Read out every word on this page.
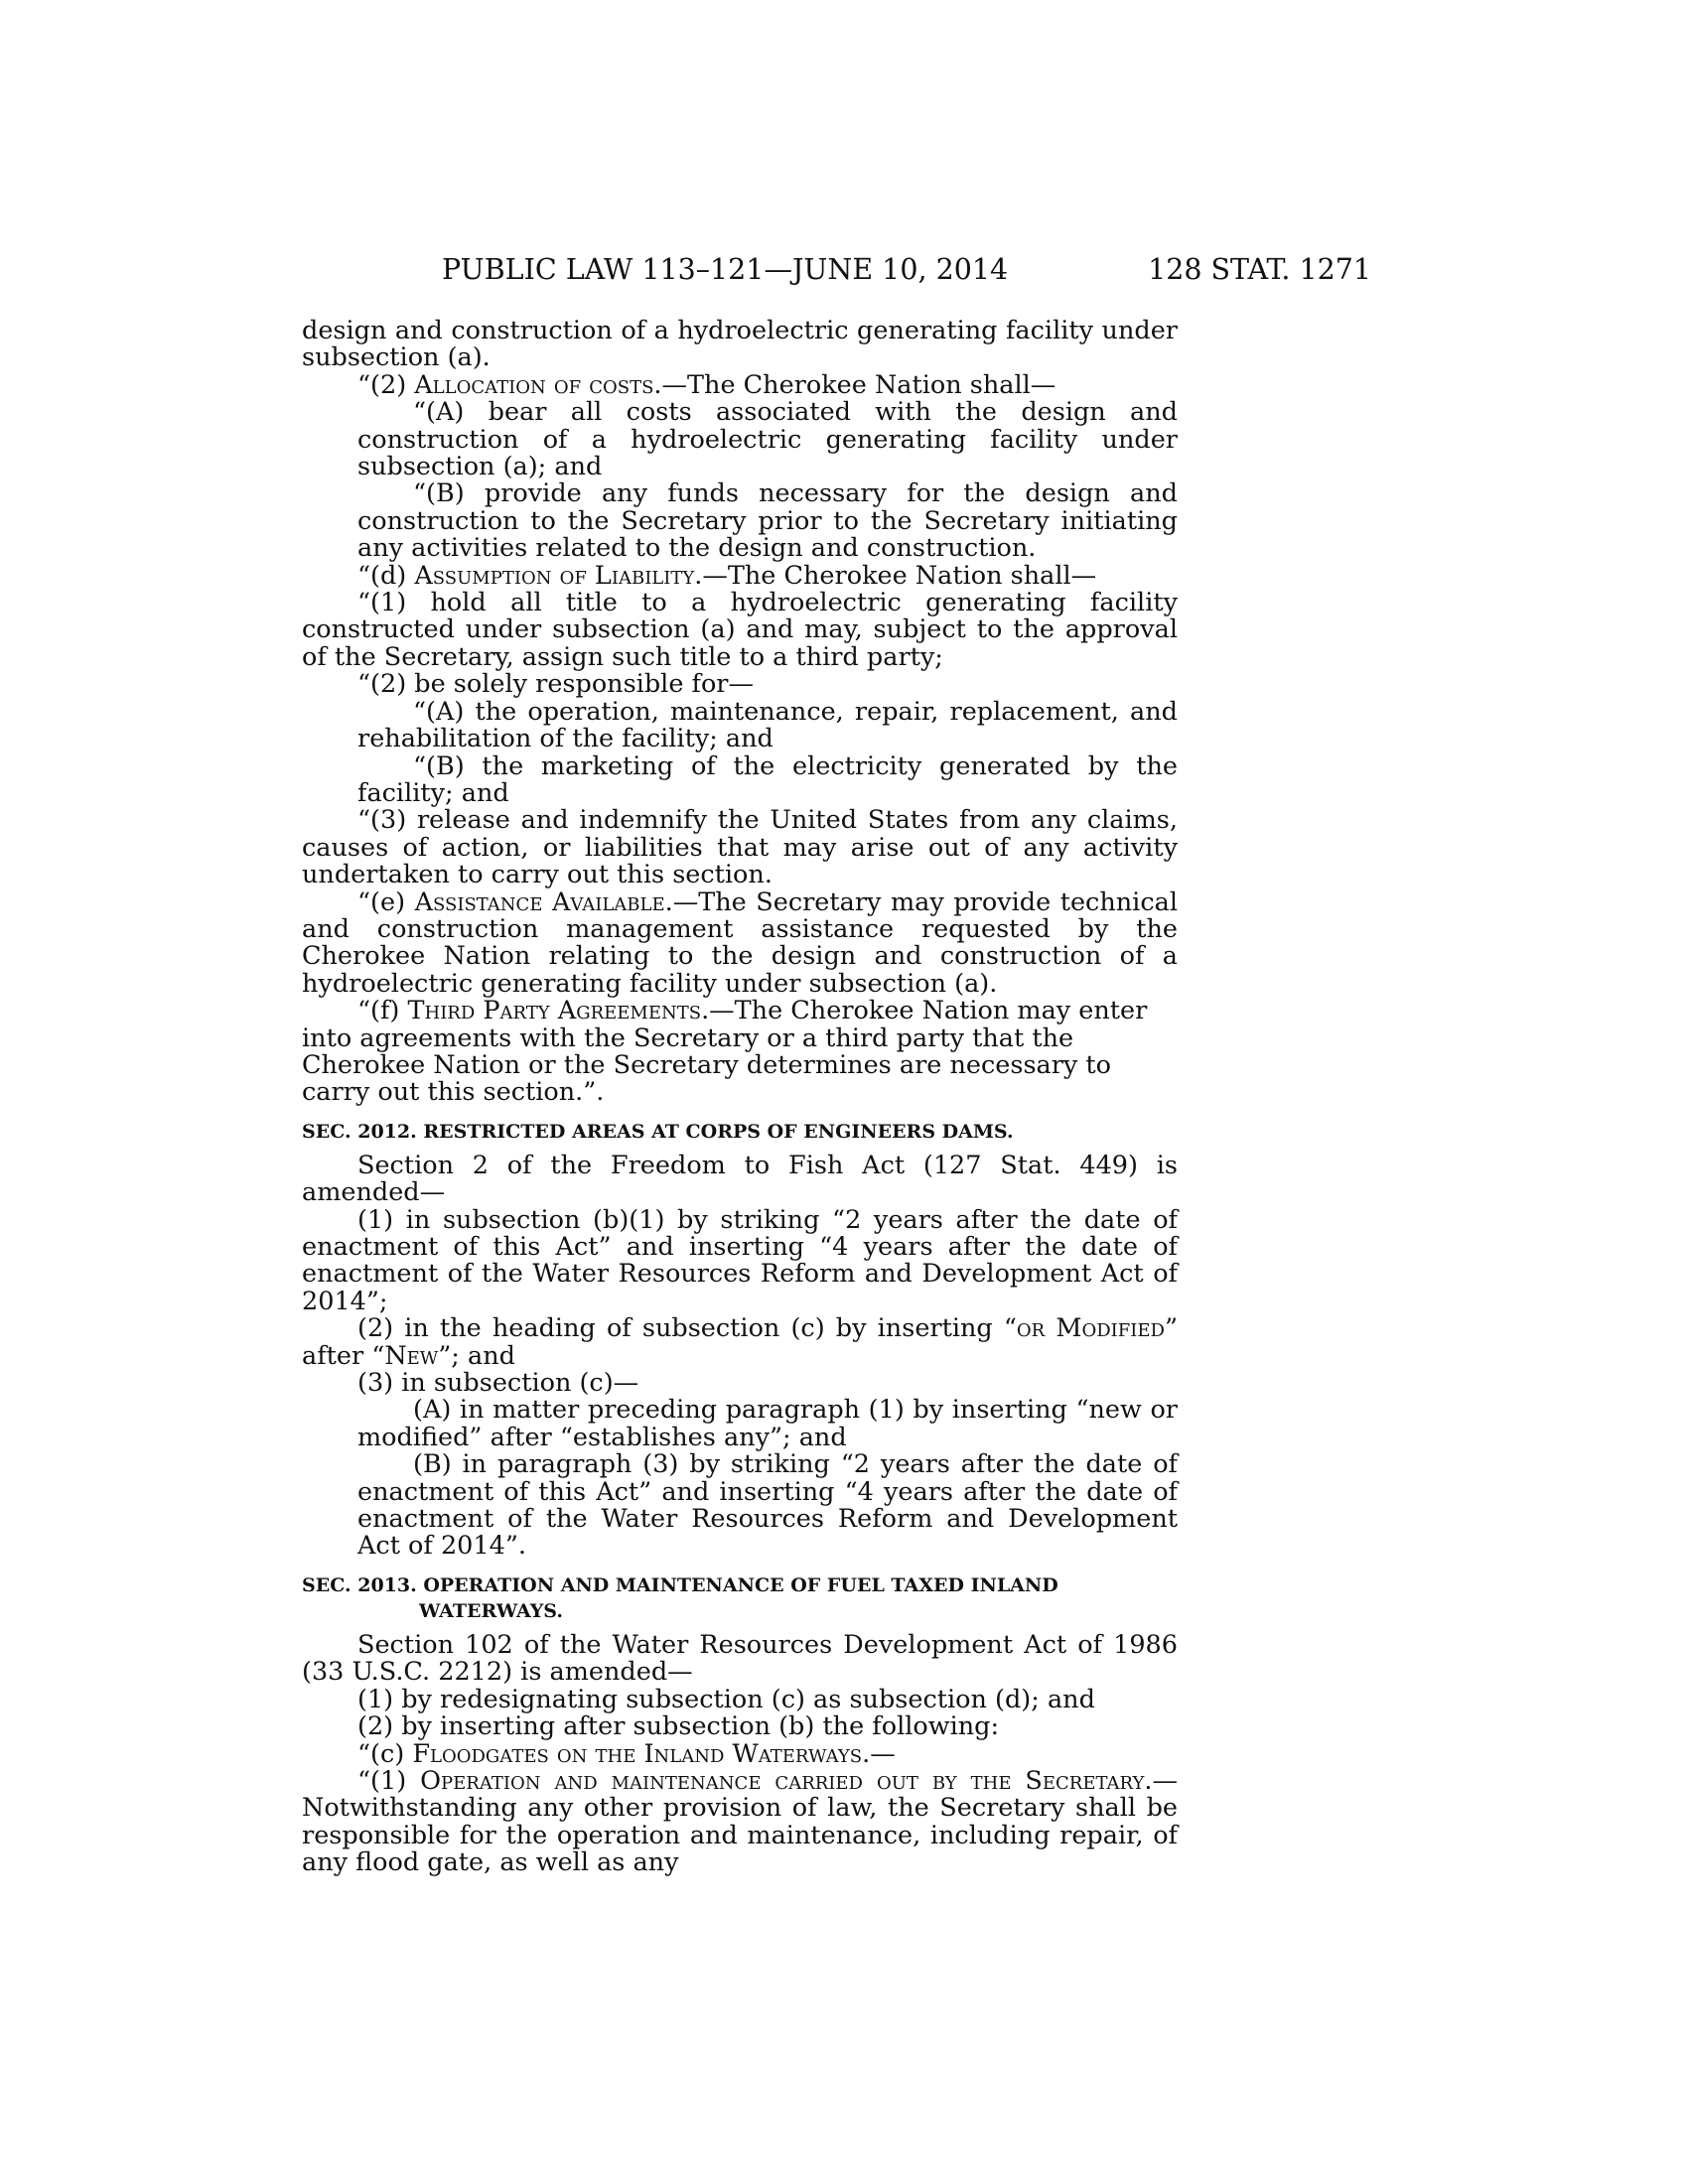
PUBLIC LAW 113–121—JUNE 10, 2014	128 STAT. 1271

design and construction of a hydroelectric generating facility under subsection (a).

“(2) Allocation of costs.—The Cherokee Nation shall—

“(A) bear all costs associated with the design and construction of a hydroelectric generating facility under subsection (a); and

“(B) provide any funds necessary for the design and construction to the Secretary prior to the Secretary initiating any activities related to the design and construction.

“(d) Assumption of Liability.—The Cherokee Nation shall—

“(1) hold all title to a hydroelectric generating facility constructed under subsection (a) and may, subject to the approval of the Secretary, assign such title to a third party;

“(2) be solely responsible for—

“(A) the operation, maintenance, repair, replacement, and rehabilitation of the facility; and

“(B) the marketing of the electricity generated by the facility; and

“(3) release and indemnify the United States from any claims, causes of action, or liabilities that may arise out of any activity undertaken to carry out this section.

“(e) Assistance Available.—The Secretary may provide technical and construction management assistance requested by the Cherokee Nation relating to the design and construction of a hydroelectric generating facility under subsection (a).

“(f) Third Party Agreements.—The Cherokee Nation may enter into agreements with the Secretary or a third party that the Cherokee Nation or the Secretary determines are necessary to carry out this section.”.

SEC. 2012. RESTRICTED AREAS AT CORPS OF ENGINEERS DAMS.

Section 2 of the Freedom to Fish Act (127 Stat. 449) is amended—

(1) in subsection (b)(1) by striking “2 years after the date of enactment of this Act” and inserting “4 years after the date of enactment of the Water Resources Reform and Development Act of 2014”;

(2) in the heading of subsection (c) by inserting “or Modified” after “New”; and

(3) in subsection (c)—

(A) in matter preceding paragraph (1) by inserting “new or modified” after “establishes any”; and

(B) in paragraph (3) by striking “2 years after the date of enactment of this Act” and inserting “4 years after the date of enactment of the Water Resources Reform and Development Act of 2014”.

SEC. 2013. OPERATION AND MAINTENANCE OF FUEL TAXED INLAND
WATERWAYS.

Section 102 of the Water Resources Development Act of 1986 (33 U.S.C. 2212) is amended—

(1) by redesignating subsection (c) as subsection (d); and

(2) by inserting after subsection (b) the following:

“(c) Floodgates on the Inland Waterways.—

“(1) Operation and maintenance carried out by the Secretary.—Notwithstanding any other provision of law, the Secretary shall be responsible for the operation and maintenance, including repair, of any flood gate, as well as any
